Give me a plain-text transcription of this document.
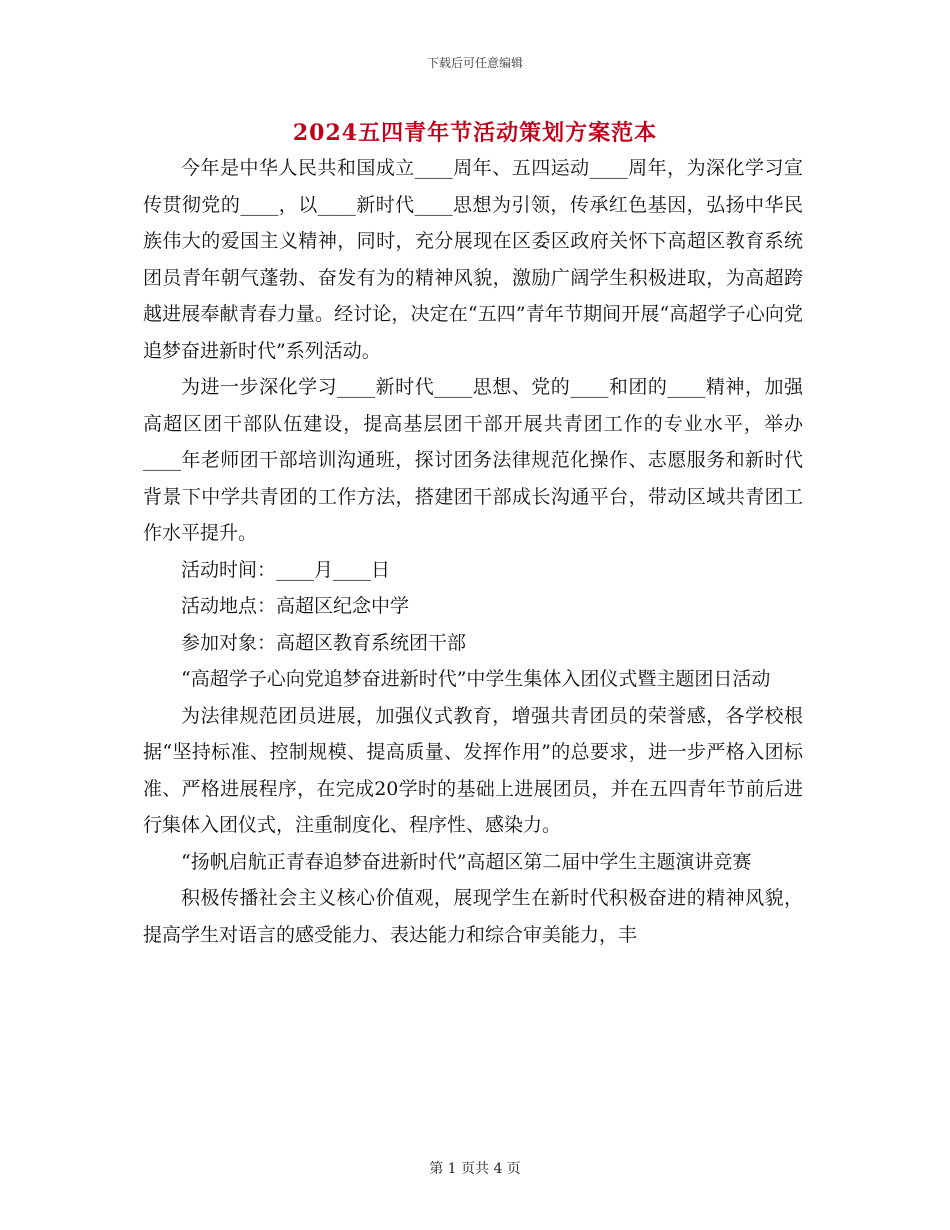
下载后可任意编辑
2024五四青年节活动策划方案范本

今年是中华人民共和国成立____周年、五四运动____周年，为深化学习宣传贯彻党的____，以____新时代____思想为引领，传承红色基因，弘扬中华民族伟大的爱国主义精神，同时，充分展现在区委区政府关怀下高超区教育系统团员青年朝气蓬勃、奋发有为的精神风貌，激励广阔学生积极进取，为高超跨越进展奉献青春力量。经讨论，决定在“五四”青年节期间开展“高超学子心向党追梦奋进新时代”系列活动。

为进一步深化学习____新时代____思想、党的____和团的____精神，加强高超区团干部队伍建设，提高基层团干部开展共青团工作的专业水平，举办____年老师团干部培训沟通班，探讨团务法律规范化操作、志愿服务和新时代背景下中学共青团的工作方法，搭建团干部成长沟通平台，带动区域共青团工作水平提升。

活动时间：____月____日

活动地点：高超区纪念中学

参加对象：高超区教育系统团干部

“高超学子心向党追梦奋进新时代”中学生集体入团仪式暨主题团日活动

为法律规范团员进展，加强仪式教育，增强共青团员的荣誉感，各学校根据“坚持标准、控制规模、提高质量、发挥作用”的总要求，进一步严格入团标准、严格进展程序，在完成20学时的基础上进展团员，并在五四青年节前后进行集体入团仪式，注重制度化、程序性、感染力。

“扬帆启航正青春追梦奋进新时代”高超区第二届中学生主题演讲竞赛

积极传播社会主义核心价值观，展现学生在新时代积极奋进的精神风貌，提高学生对语言的感受能力、表达能力和综合审美能力，丰

第 1 页共 4 页
